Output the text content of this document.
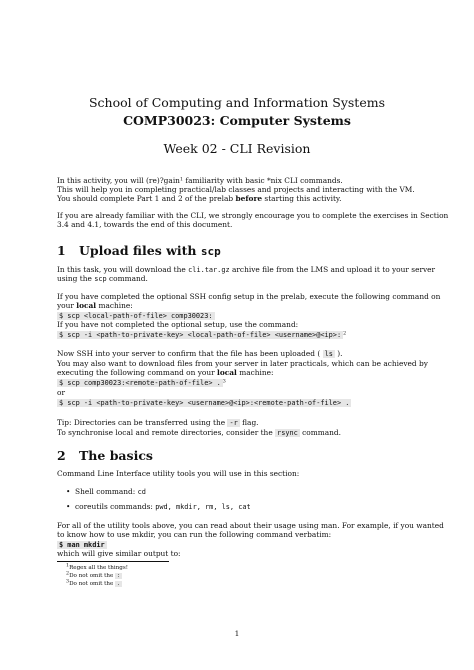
School of Computing and Information Systems
COMP30023: Computer Systems
Week 02 - CLI Revision
In this activity, you will (re)?gain$^1$ familiarity with basic *nix CLI commands.
This will help you in completing practical/lab classes and projects and interacting with the VM.
You should complete Part 1 and 2 of the prelab before starting this activity.
If you are already familiar with the CLI, we strongly encourage you to complete the exercises in Section
3.4 and 4.1, towards the end of this document.
1 Upload files with scp
In this task, you will download the cli.tar.gz archive file from the LMS and upload it to your server
using the scp command.
If you have completed the optional SSH config setup in the prelab, execute the following command on
your local machine:
$ scp <local-path-of-file> comp30023:
If you have not completed the optional setup, use the command:
$ scp -i <path-to-private-key> <local-path-of-file> <username>@<ip>: $^2$
Now SSH into your server to confirm that the file has been uploaded ( ls ).
You may also want to download files from your server in later practicals, which can be achieved by
executing the following command on your local machine:
$ scp comp30023:<remote-path-of-file> . $^3$
or
$ scp -i <path-to-private-key> <username>@<ip>:<remote-path-of-file> .
Tip: Directories can be transferred using the -r flag.
To synchronise local and remote directories, consider the rsync command.
2 The basics
Command Line Interface utility tools you will use in this section:
• Shell command: cd
• coreutils commands: pwd, mkdir, rm, ls, cat
For all of the utility tools above, you can read about their usage using man. For example, if you wanted
to know how to use mkdir, you can run the following command verbatim:
$ man mkdir
which will give similar output to:
$^1$Regex all the things!
$^2$Do not omit the :
$^3$Do not omit the .
1
